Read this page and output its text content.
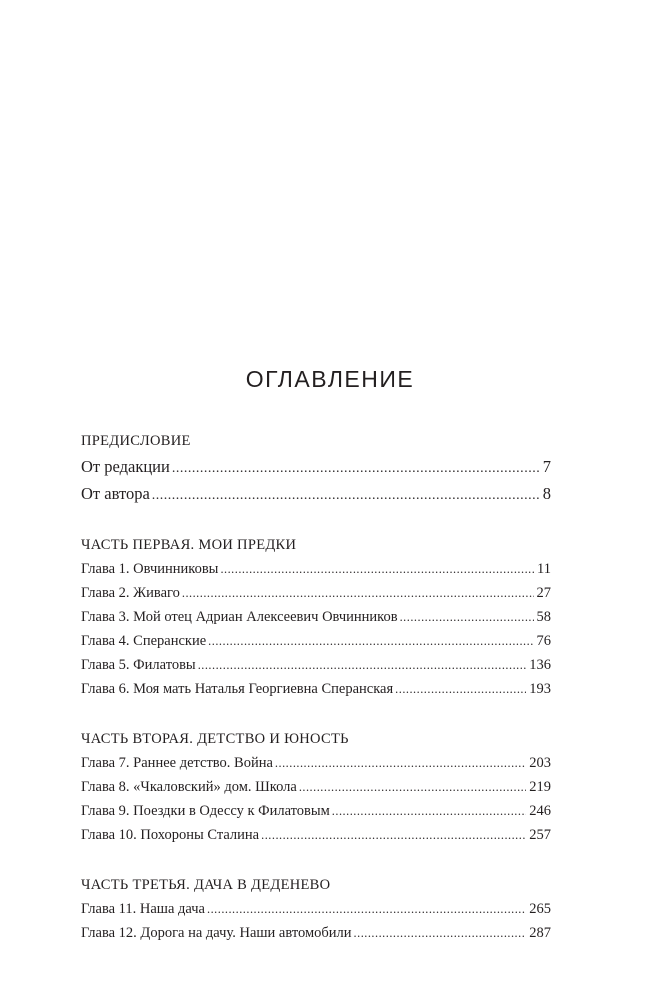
ОГЛАВЛЕНИЕ
ПРЕДИСЛОВИЕ
От редакции .....	7
От автора .....	8
ЧАСТЬ ПЕРВАЯ. МОИ ПРЕДКИ
Глава 1. Овчинниковы .....	11
Глава 2. Живаго .....	27
Глава 3. Мой отец Адриан Алексеевич Овчинников .....	58
Глава 4. Сперанские .....	76
Глава 5. Филатовы .....	136
Глава 6. Моя мать Наталья Георгиевна Сперанская .....	193
ЧАСТЬ ВТОРАЯ. ДЕТСТВО И ЮНОСТЬ
Глава 7. Раннее детство. Война .....	203
Глава 8. «Чкаловский» дом. Школа .....	219
Глава 9. Поездки в Одессу к Филатовым .....	246
Глава 10. Похороны Сталина .....	257
ЧАСТЬ ТРЕТЬЯ. ДАЧА В ДЕДЕНЕВО
Глава 11. Наша дача .....	265
Глава 12. Дорога на дачу. Наши автомобили .....	287
